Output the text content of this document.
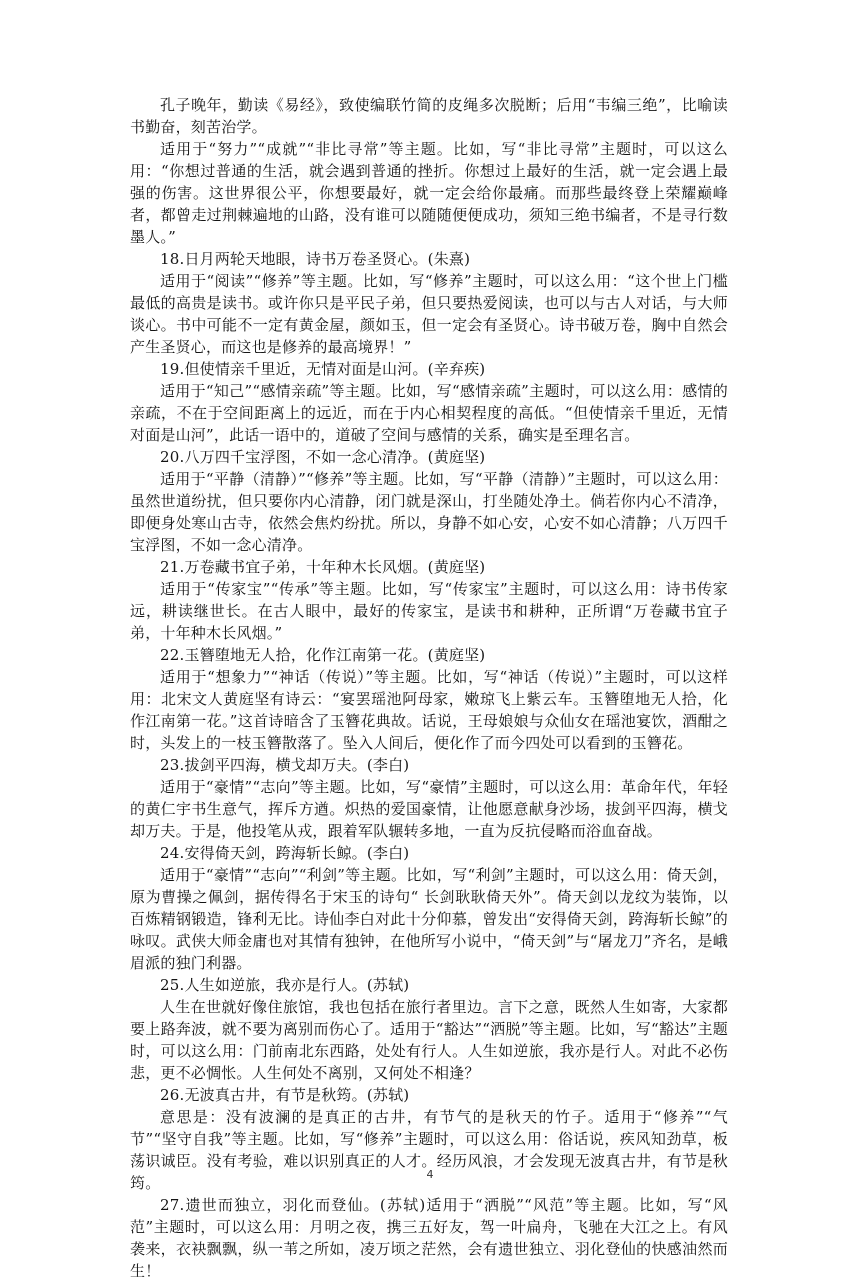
孔子晚年，勤读《易经》，致使编联竹简的皮绳多次脱断；后用“韦编三绝”，比喻读书勤奋，刻苦治学。

适用于“努力”“成就”“非比寻常”等主题。比如，写“非比寻常”主题时，可以这么用：“你想过普通的生活，就会遇到普通的挫折。你想过上最好的生活，就一定会遇上最强的伤害。这世界很公平，你想要最好，就一定会给你最痛。而那些最终登上荣耀巅峰者，都曾走过荆棘遍地的山路，没有谁可以随随便便成功，须知三绝书编者，不是寻行数墨人。”

18.日月两轮天地眼，诗书万卷圣贤心。(朱熹)

适用于“阅读”“修养”等主题。比如，写“修养”主题时，可以这么用：“这个世上门槛最低的高贵是读书。或许你只是平民子弟，但只要热爱阅读，也可以与古人对话，与大师谈心。书中可能不一定有黄金屋，颜如玉，但一定会有圣贤心。诗书破万卷，胸中自然会产生圣贤心，而这也是修养的最高境界！”

19.但使情亲千里近，无情对面是山河。(辛弃疾)

适用于“知己”“感情亲疏”等主题。比如，写“感情亲疏”主题时，可以这么用：感情的亲疏，不在于空间距离上的远近，而在于内心相契程度的高低。“但使情亲千里近，无情对面是山河”，此话一语中的，道破了空间与感情的关系，确实是至理名言。

20.八万四千宝浮图，不如一念心清净。(黄庭坚)

适用于“平静（清静）”“修养”等主题。比如，写“平静（清静）”主题时，可以这么用：虽然世道纷扰，但只要你内心清静，闭门就是深山，打坐随处净土。倘若你内心不清净，即便身处寒山古寺，依然会焦灼纷扰。所以，身静不如心安，心安不如心清静；八万四千宝浮图，不如一念心清净。

21.万卷藏书宜子弟，十年种木长风烟。(黄庭坚)

适用于“传家宝”“传承”等主题。比如，写“传家宝”主题时，可以这么用：诗书传家远，耕读继世长。在古人眼中，最好的传家宝，是读书和耕种，正所谓“万卷藏书宜子弟，十年种木长风烟。”

22.玉簪堕地无人拾，化作江南第一花。(黄庭坚)

适用于“想象力”“神话（传说）”等主题。比如，写“神话（传说）”主题时，可以这样用：北宋文人黄庭坚有诗云：“宴罢瑶池阿母家，嫩琼飞上紫云车。玉簪堕地无人拾，化作江南第一花。”这首诗暗含了玉簪花典故。话说，王母娘娘与众仙女在瑶池宴饮，酒酣之时，头发上的一枝玉簪散落了。坠入人间后，便化作了而今四处可以看到的玉簪花。

23.拔剑平四海，横戈却万夫。(李白)

适用于“豪情”“志向”等主题。比如，写“豪情”主题时，可以这么用：革命年代，年轻的黄仁宇书生意气，挥斥方遒。炽热的爱国豪情，让他愿意献身沙场，拔剑平四海，横戈却万夫。于是，他投笔从戎，跟着军队辗转多地，一直为反抗侵略而浴血奋战。

24.安得倚天剑，跨海斩长鲸。(李白)

适用于“豪情”“志向”“利剑”等主题。比如，写“利剑”主题时，可以这么用：倚天剑，原为曹操之佩剑，据传得名于宋玉的诗句“ 长剑耿耿倚天外”。倚天剑以龙纹为装饰，以百炼精钢锻造，锋利无比。诗仙李白对此十分仰慕，曾发出“安得倚天剑，跨海斩长鲸”的咏叹。武侠大师金庸也对其情有独钟，在他所写小说中，“倚天剑”与“屠龙刀”齐名，是峨眉派的独门利器。

25.人生如逆旅，我亦是行人。(苏轼)

人生在世就好像住旅馆，我也包括在旅行者里边。言下之意，既然人生如寄，大家都要上路奔波，就不要为离别而伤心了。适用于“豁达”“洒脱”等主题。比如，写“豁达”主题时，可以这么用：门前南北东西路，处处有行人。人生如逆旅，我亦是行人。对此不必伤悲，更不必惆怅。人生何处不离别，又何处不相逢？

26.无波真古井，有节是秋筠。(苏轼)

意思是：没有波澜的是真正的古井，有节气的是秋天的竹子。适用于“修养”“气节”“坚守自我”等主题。比如，写“修养”主题时，可以这么用：俗话说，疾风知劲草，板荡识诚臣。没有考验，难以识别真正的人才。经历风浪，才会发现无波真古井，有节是秋筠。

27.遗世而独立，羽化而登仙。(苏轼)适用于“洒脱”“风范”等主题。比如，写“风范”主题时，可以这么用：月明之夜，携三五好友，驾一叶扁舟，飞驰在大江之上。有风袭来，衣袂飘飘，纵一苇之所如，凌万顷之茫然，会有遗世独立、羽化登仙的快感油然而生！

4
